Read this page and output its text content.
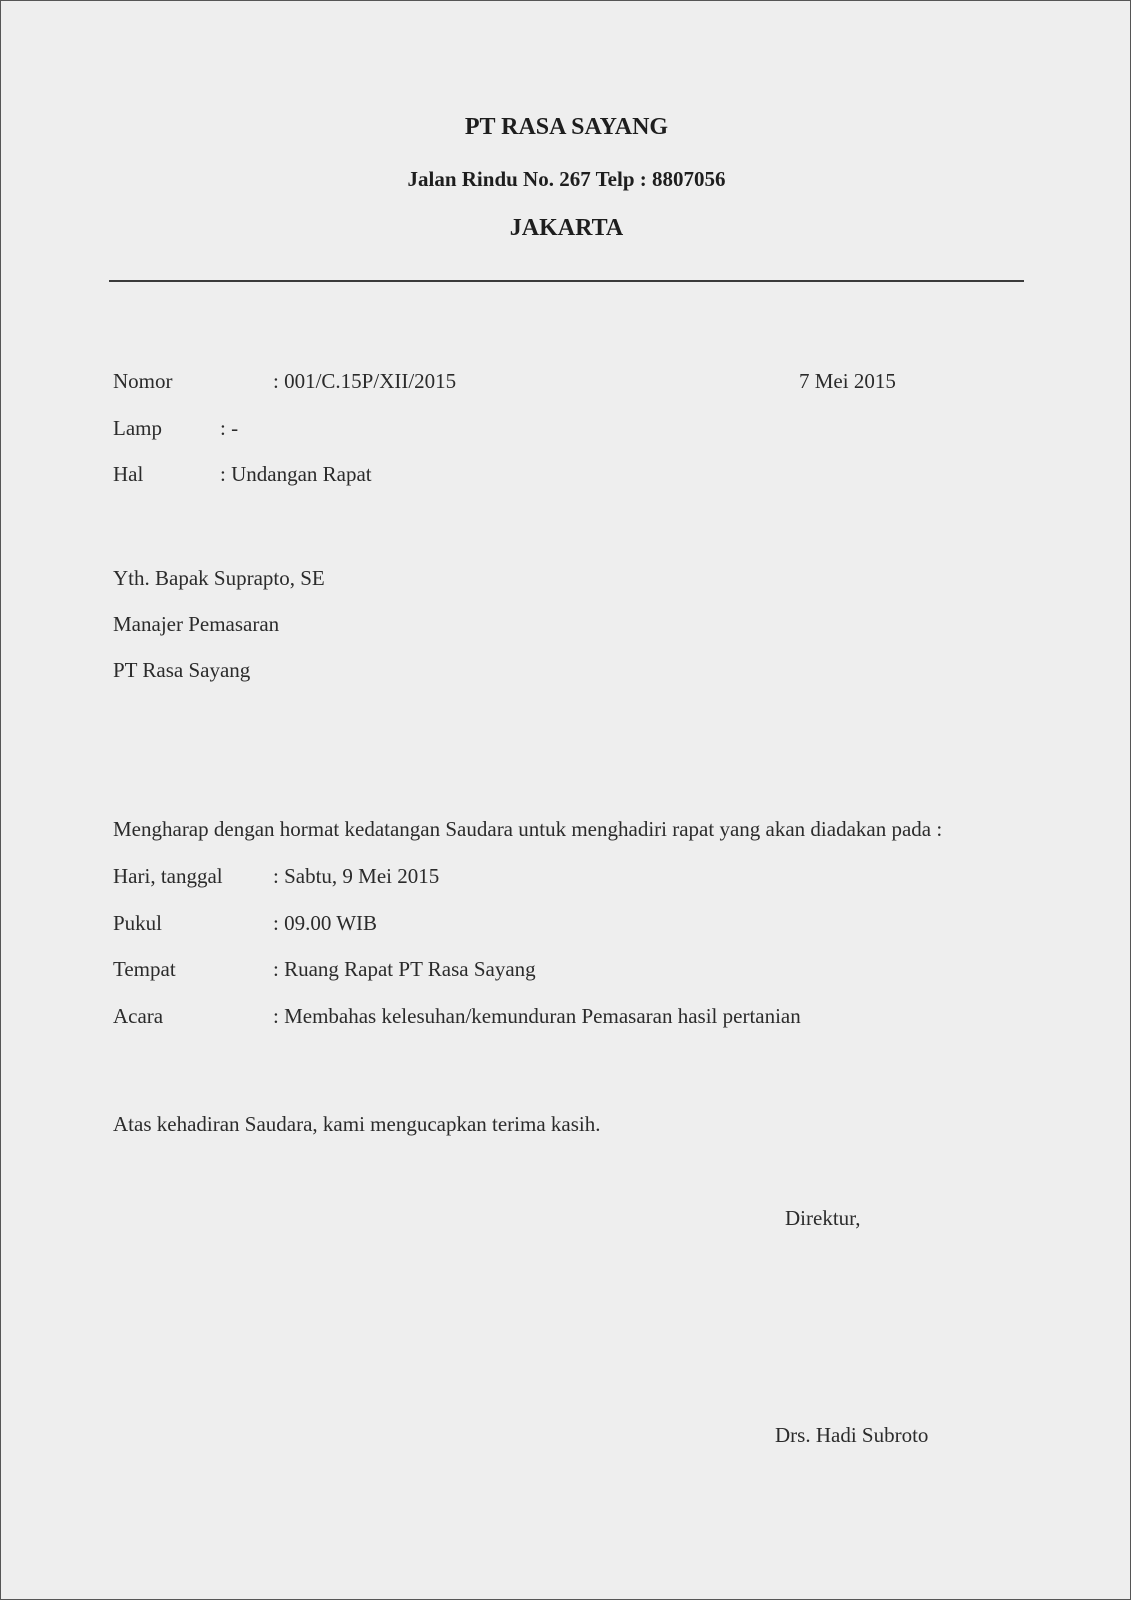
PT RASA SAYANG
Jalan Rindu No. 267 Telp : 8807056
JAKARTA
Nomor	: 001/C.15P/XII/2015	7 Mei 2015
Lamp	: -
Hal	: Undangan Rapat
Yth. Bapak Suprapto, SE
Manajer Pemasaran
PT Rasa Sayang
Mengharap dengan hormat kedatangan Saudara untuk menghadiri rapat yang akan diadakan pada :
Hari, tanggal : Sabtu, 9 Mei 2015
Pukul	: 09.00 WIB
Tempat	: Ruang Rapat PT Rasa Sayang
Acara	: Membahas kelesuhan/kemunduran Pemasaran hasil pertanian
Atas kehadiran Saudara, kami mengucapkan terima kasih.
Direktur,
Drs. Hadi Subroto
